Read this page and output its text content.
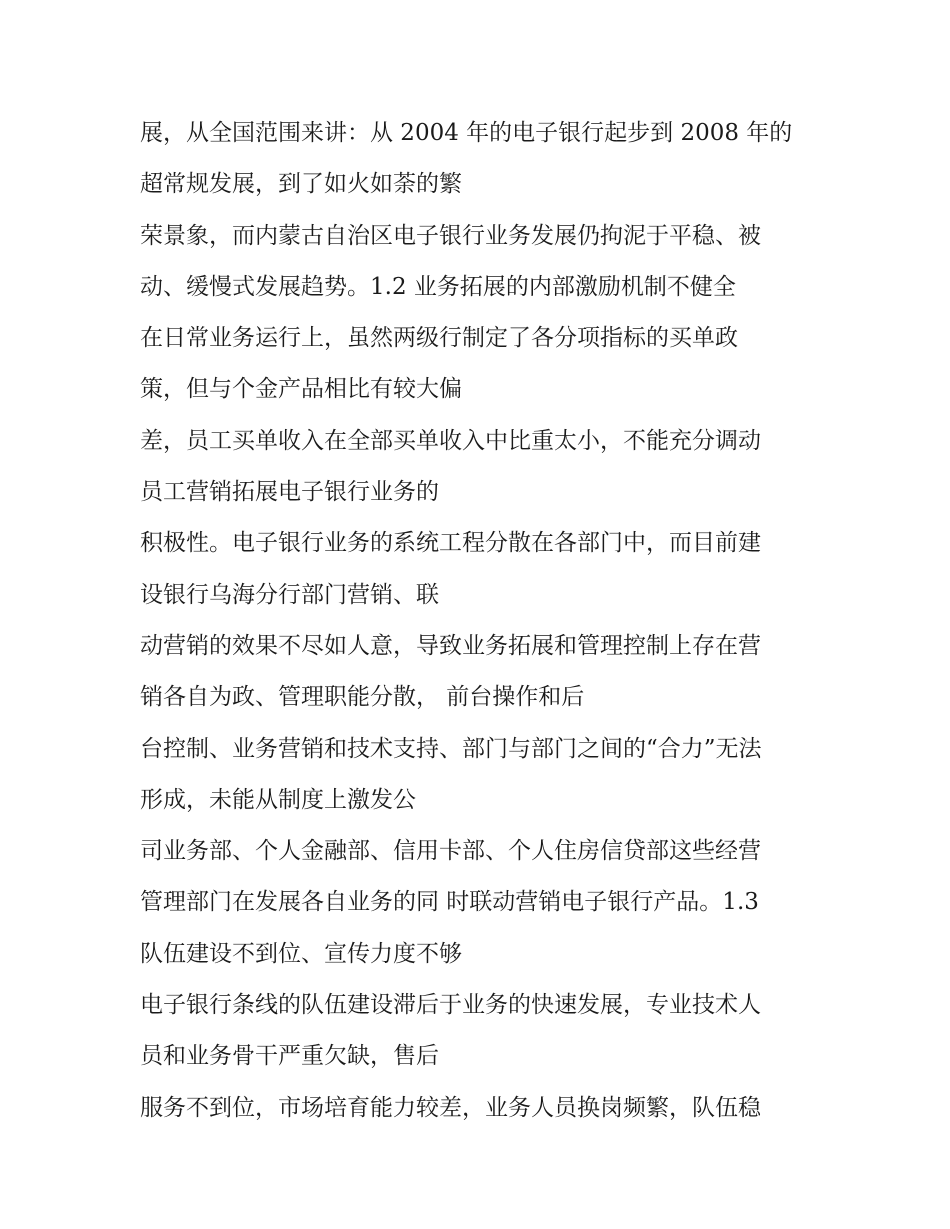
展，从全国范围来讲：从 2004 年的电子银行起步到 2008 年的
超常规发展，到了如火如荼的繁
荣景象，而内蒙古自治区电子银行业务发展仍拘泥于平稳、被
动、缓慢式发展趋势。1.2 业务拓展的内部激励机制不健全
在日常业务运行上，虽然两级行制定了各分项指标的买单政
策，但与个金产品相比有较大偏
差，员工买单收入在全部买单收入中比重太小，不能充分调动
员工营销拓展电子银行业务的
积极性。电子银行业务的系统工程分散在各部门中，而目前建
设银行乌海分行部门营销、联
动营销的效果不尽如人意，导致业务拓展和管理控制上存在营
销各自为政、管理职能分散， 前台操作和后
台控制、业务营销和技术支持、部门与部门之间的“合力”无法
形成，未能从制度上激发公
司业务部、个人金融部、信用卡部、个人住房信贷部这些经营
管理部门在发展各自业务的同 时联动营销电子银行产品。1.3
队伍建设不到位、宣传力度不够
电子银行条线的队伍建设滞后于业务的快速发展，专业技术人
员和业务骨干严重欠缺，售后
服务不到位，市场培育能力较差，业务人员换岗频繁，队伍稳
